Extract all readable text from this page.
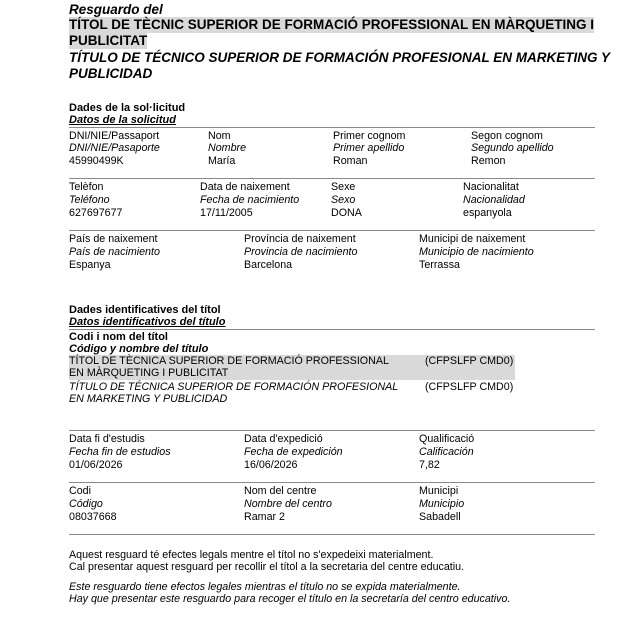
Resguardo del
TÍTOL DE TÈCNIC SUPERIOR DE FORMACIÓ PROFESSIONAL EN MÀRQUETING I
PUBLICITAT
TÍTULO DE TÉCNICO SUPERIOR DE FORMACIÓN PROFESIONAL EN MARKETING Y
PUBLICIDAD
Dades de la sol·licitud
Datos de la solicitud
DNI/NIE/Passaport
DNI/NIE/Pasaporte
45990499K
Nom
Nombre
María
Primer cognom
Primer apellido
Roman
Segon cognom
Segundo apellido
Remon
Telèfon
Teléfono
627697677
Data de naixement
Fecha de nacimiento
17/11/2005
Sexe
Sexo
DONA
Nacionalitat
Nacionalidad
espanyola
País de naixement
País de nacimiento
Espanya
Província de naixement
Provincia de nacimiento
Barcelona
Municipi de naixement
Municipio de nacimiento
Terrassa
Dades identificatives del títol
Datos identificativos del título
Codi i nom del títol
Código y nombre del título
TÍTOL DE TÈCNICA SUPERIOR DE FORMACIÓ PROFESSIONAL
EN MÀRQUETING I PUBLICITAT
(CFPSLFP CMD0)
TÍTULO DE TÉCNICA SUPERIOR DE FORMACIÓN PROFESIONAL
EN MARKETING Y PUBLICIDAD
(CFPSLFP CMD0)
Data fi d'estudis
Fecha fin de estudios
01/06/2026
Data d'expedició
Fecha de expedición
16/06/2026
Qualificació
Calificación
7,82
Codi
Código
08037668
Nom del centre
Nombre del centro
Ramar 2
Municipi
Municipio
Sabadell
Aquest resguard té efectes legals mentre el títol no s'expedeixi materialment.
Cal presentar aquest resguard per recollir el títol a la secretaria del centre educatiu.
Este resguardo tiene efectos legales mientras el título no se expida materialmente.
Hay que presentar este resguardo para recoger el título en la secretaría del centro educativo.
